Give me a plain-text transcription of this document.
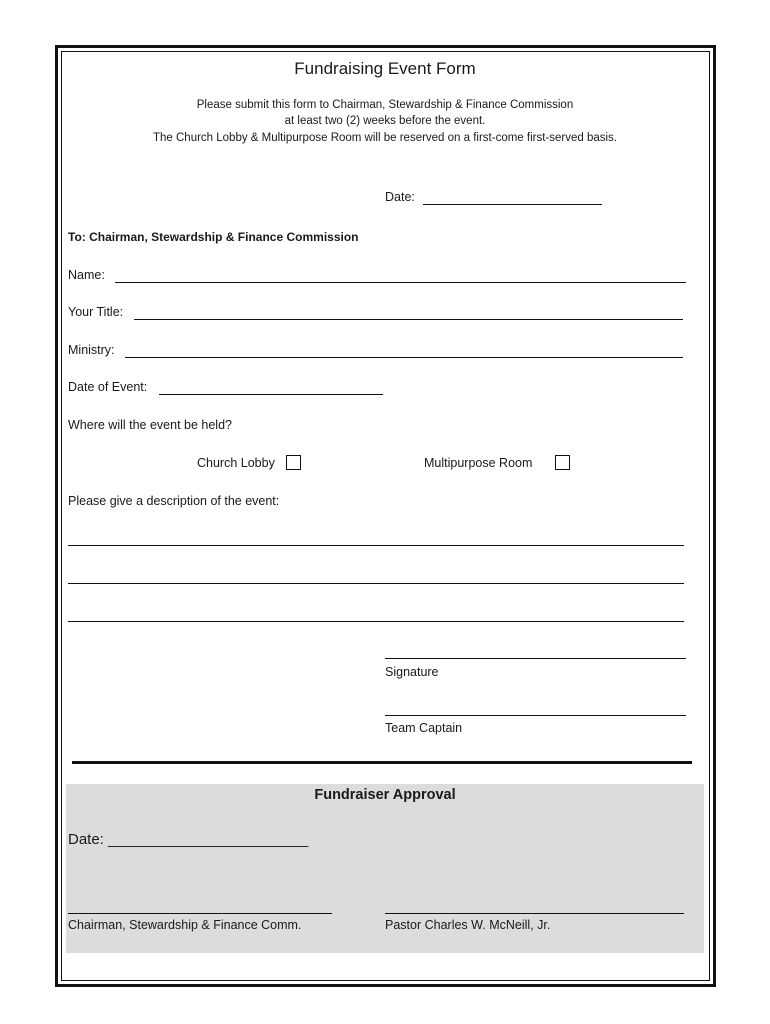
Fundraising Event Form
Please submit this form to Chairman, Stewardship & Finance Commission
at least two (2) weeks before the event.
The Church Lobby & Multipurpose Room will be reserved on a first-come first-served basis.
Date:
To: Chairman, Stewardship & Finance Commission
Name:
Your Title:
Ministry:
Date of Event:
Where will the event be held?
Church Lobby	Multipurpose Room
Please give a description of the event:
Signature
Team Captain
Fundraiser Approval
Date: ________________________
Chairman, Stewardship & Finance Comm.	Pastor Charles W. McNeill, Jr.
